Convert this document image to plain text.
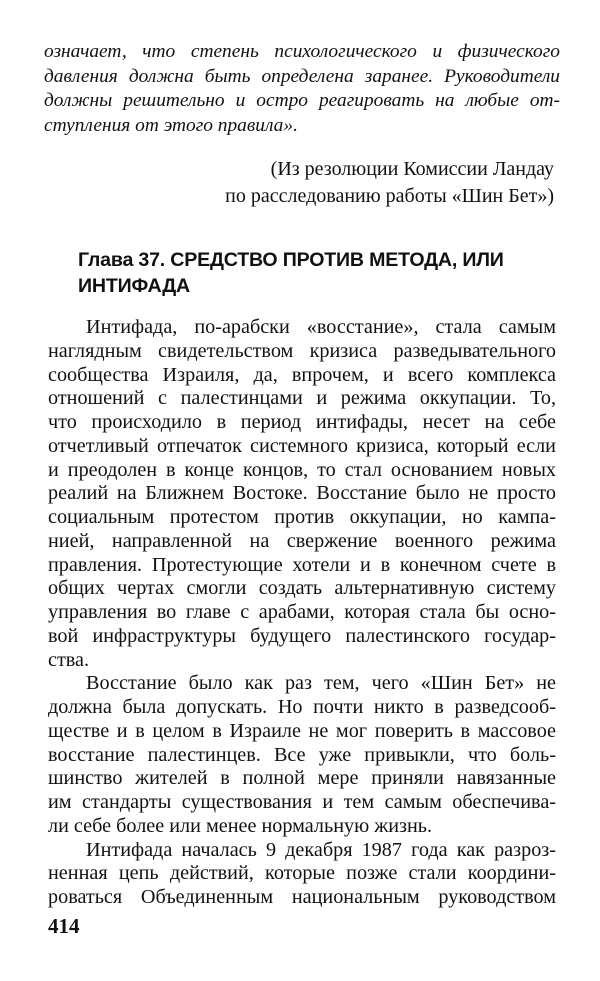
означает, что степень психологического и физического
давления должна быть определена заранее. Руководители
должны решительно и остро реагировать на любые от-
ступления от этого правила».
(Из резолюции Комиссии Ландау
по расследованию работы «Шин Бет»)
Глава 37. СРЕДСТВО ПРОТИВ МЕТОДА, ИЛИ ИНТИФАДА
Интифада, по-арабски «восстание», стала самым
наглядным свидетельством кризиса разведывательного
сообщества Израиля, да, впрочем, и всего комплекса
отношений с палестинцами и режима оккупации. То,
что происходило в период интифады, несет на себе
отчетливый отпечаток системного кризиса, который если
и преодолен в конце концов, то стал основанием новых
реалий на Ближнем Востоке. Восстание было не просто
социальным протестом против оккупации, но кампа-
нией, направленной на свержение военного режима
правления. Протестующие хотели и в конечном счете в
общих чертах смогли создать альтернативную систему
управления во главе с арабами, которая стала бы осно-
вой инфраструктуры будущего палестинского государ-
ства.
Восстание было как раз тем, чего «Шин Бет» не
должна была допускать. Но почти никто в разведсооб-
ществе и в целом в Израиле не мог поверить в массовое
восстание палестинцев. Все уже привыкли, что боль-
шинство жителей в полной мере приняли навязанные
им стандарты существования и тем самым обеспечива-
ли себе более или менее нормальную жизнь.
Интифада началась 9 декабря 1987 года как разроз-
ненная цепь действий, которые позже стали координи-
роваться Объединенным национальным руководством
414
